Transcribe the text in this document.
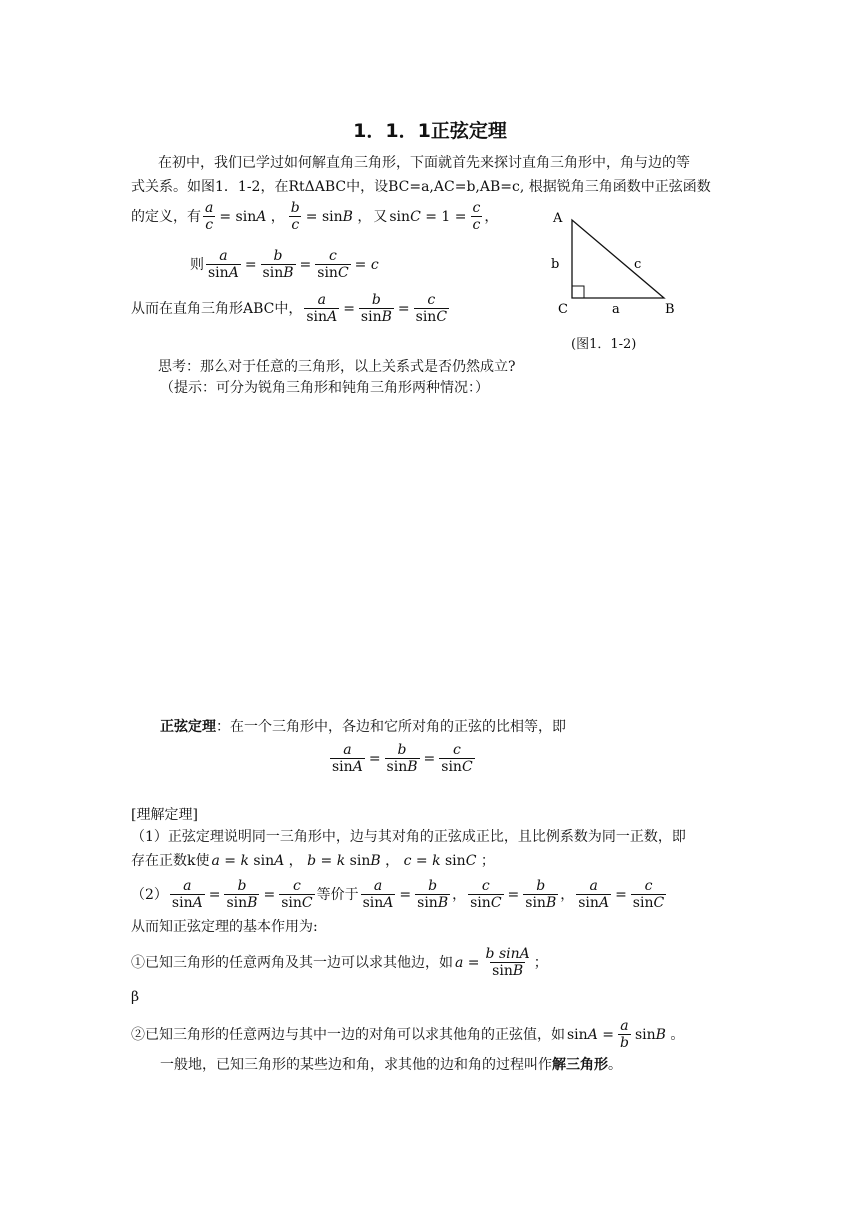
1．1．1正弦定理
在初中，我们已学过如何解直角三角形，下面就首先来探讨直角三角形中，角与边的等
式关系。如图1．1-2，在RtΔABC中，设BC=a,AC=b,AB=c, 根据锐角三角函数中正弦函数
的定义，有 $\frac{a}{c} = \sin A$ ， $\frac{b}{c} = \sin B$ ， 又 $\sin C = 1 = \frac{c}{c}$ ，
则 $\frac{a}{\sin A} = \frac{b}{\sin B} = \frac{c}{\sin C} = c$
从而在直角三角形ABC中， $\frac{a}{\sin A} = \frac{b}{\sin B} = \frac{c}{\sin C}$
A
b	c
C	a	B
(图1．1-2)
思考：那么对于任意的三角形，以上关系式是否仍然成立?
（提示：可分为锐角三角形和钝角三角形两种情况：）
正弦定理：在一个三角形中，各边和它所对角的正弦的比相等，即
$\frac{a}{\sin A} = \frac{b}{\sin B} = \frac{c}{\sin C}$
[理解定理]
（1）正弦定理说明同一三角形中，边与其对角的正弦成正比，且比例系数为同一正数，即
存在正数k使 a = k sinA ， b = k sinB ， c = k sinC ；
$(2) \frac{a}{\sin A} = \frac{b}{\sin B} = \frac{c}{\sin C}$ 等价于 $\frac{a}{\sin A} = \frac{b}{\sin B}$ ， $\frac{c}{\sin C} = \frac{b}{\sin B}$ ， $\frac{a}{\sin A} = \frac{c}{\sin C}$
从而知正弦定理的基本作用为:
①已知三角形的任意两角及其一边可以求其他边，如 $a = \frac{\text{b sinA}}{\sin B}$ ；
β
②已知三角形的任意两边与其中一边的对角可以求其他角的正弦值，如 $\sin A = \frac{a}{b}$ sinB 。
一般地，已知三角形的某些边和角，求其他的边和角的过程叫作解三角形。
